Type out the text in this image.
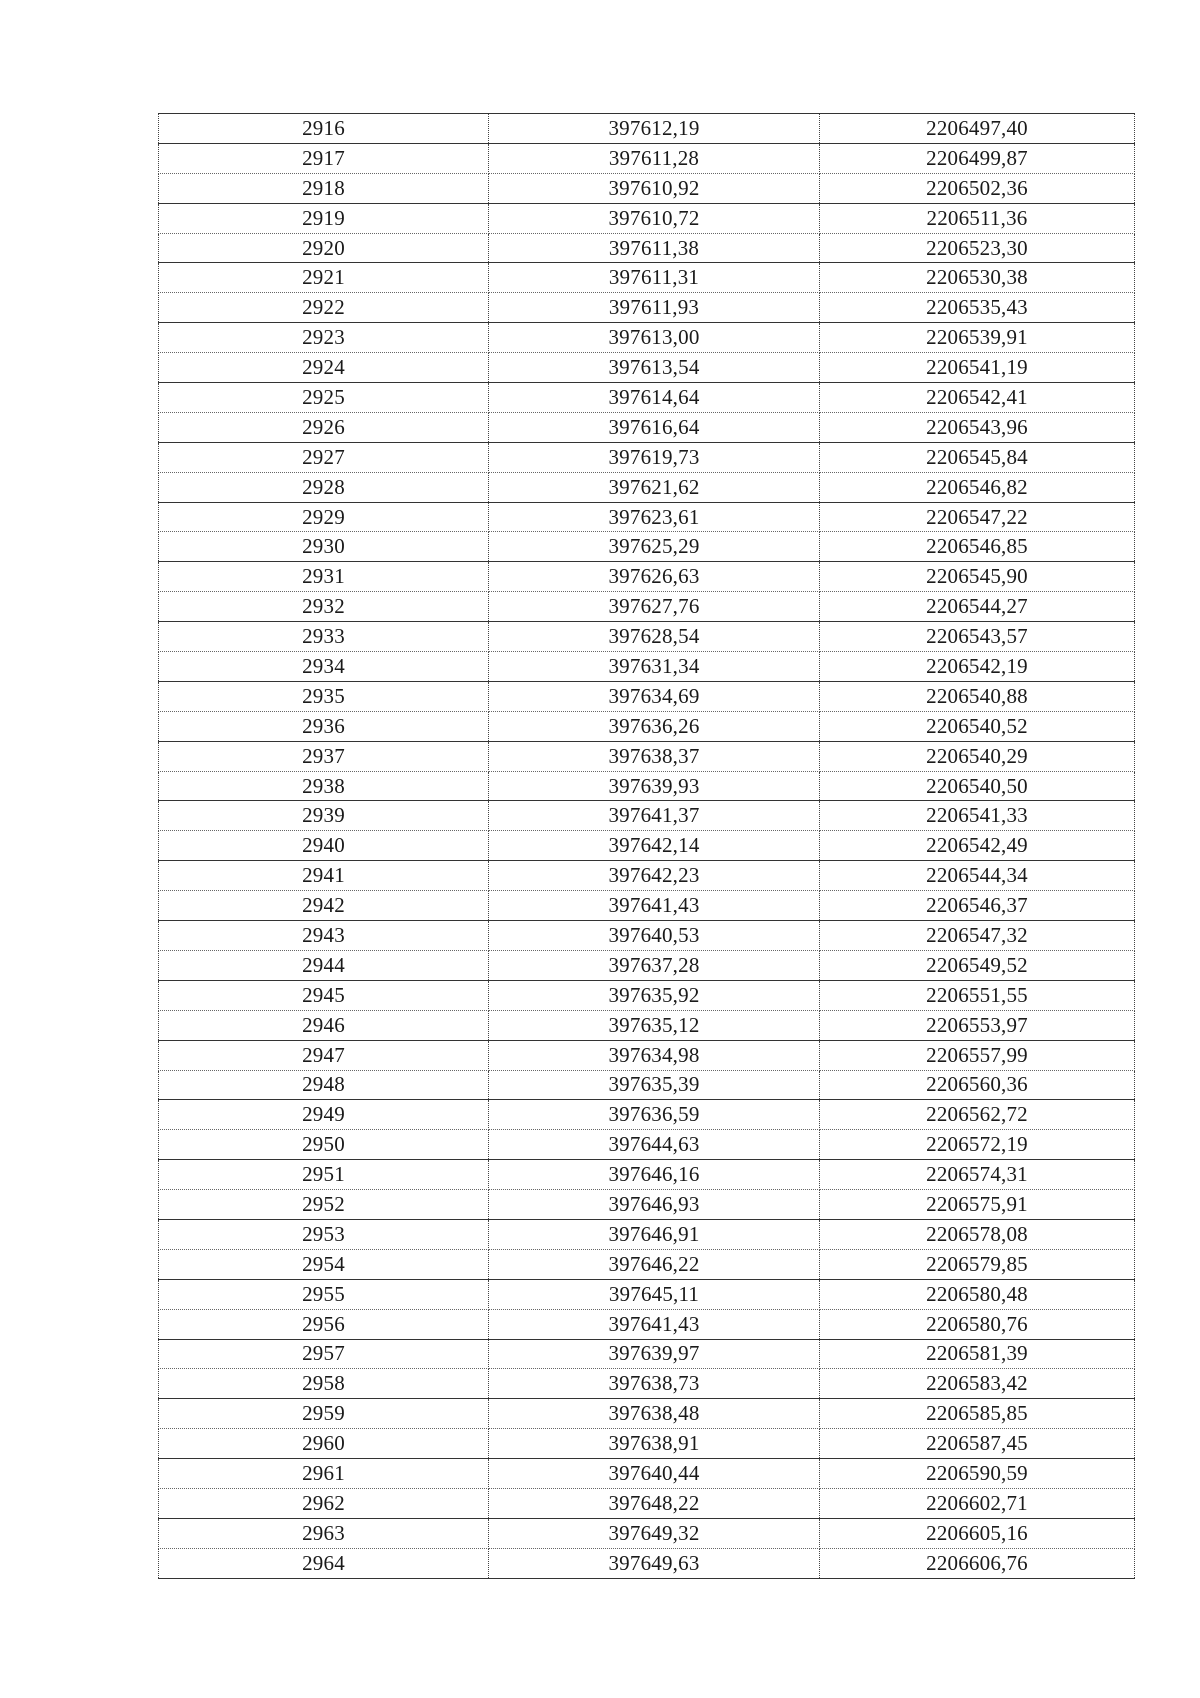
2916	397612,19	2206497,40
2917	397611,28	2206499,87
2918	397610,92	2206502,36
2919	397610,72	2206511,36
2920	397611,38	2206523,30
2921	397611,31	2206530,38
2922	397611,93	2206535,43
2923	397613,00	2206539,91
2924	397613,54	2206541,19
2925	397614,64	2206542,41
2926	397616,64	2206543,96
2927	397619,73	2206545,84
2928	397621,62	2206546,82
2929	397623,61	2206547,22
2930	397625,29	2206546,85
2931	397626,63	2206545,90
2932	397627,76	2206544,27
2933	397628,54	2206543,57
2934	397631,34	2206542,19
2935	397634,69	2206540,88
2936	397636,26	2206540,52
2937	397638,37	2206540,29
2938	397639,93	2206540,50
2939	397641,37	2206541,33
2940	397642,14	2206542,49
2941	397642,23	2206544,34
2942	397641,43	2206546,37
2943	397640,53	2206547,32
2944	397637,28	2206549,52
2945	397635,92	2206551,55
2946	397635,12	2206553,97
2947	397634,98	2206557,99
2948	397635,39	2206560,36
2949	397636,59	2206562,72
2950	397644,63	2206572,19
2951	397646,16	2206574,31
2952	397646,93	2206575,91
2953	397646,91	2206578,08
2954	397646,22	2206579,85
2955	397645,11	2206580,48
2956	397641,43	2206580,76
2957	397639,97	2206581,39
2958	397638,73	2206583,42
2959	397638,48	2206585,85
2960	397638,91	2206587,45
2961	397640,44	2206590,59
2962	397648,22	2206602,71
2963	397649,32	2206605,16
2964	397649,63	2206606,76
